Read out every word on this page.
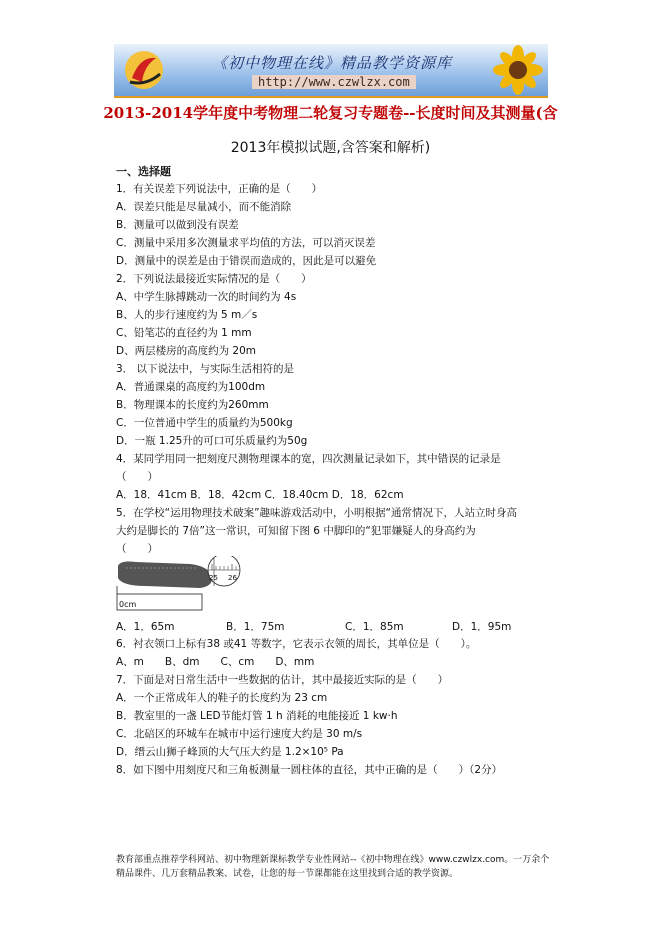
《初中物理在线》精品教学资源库
http://www.czwlzx.com
2013-2014学年度中考物理二轮复习专题卷--长度时间及其测量(含
2013年模拟试题,含答案和解析)
一、选择题
1．有关误差下列说法中，正确的是（　　）
A．误差只能是尽量减小，而不能消除
B．测量可以做到没有误差
C．测量中采用多次测量求平均值的方法，可以消灭误差
D．测量中的误差是由于错误而造成的，因此是可以避免
2．下列说法最接近实际情况的是（　　）
A、中学生脉搏跳动一次的时间约为 4s
B、人的步行速度约为 5 m／s
C、铅笔芯的直径约为 1 mm
D、两层楼房的高度约为 20m
3． 以下说法中，与实际生活相符的是
A．普通课桌的高度约为100dm
B．物理课本的长度约为260mm
C．一位普通中学生的质量约为500kg
D．一瓶 1.25升的可口可乐质量约为50g
4．某同学用同一把刻度尺测物理课本的宽，四次测量记录如下，其中错误的记录是
（　　）
A．18．41cm B．18．42cm C．18.40cm D．18．62cm
5．在学校“运用物理技术破案”趣味游戏活动中，小明根据“通常情况下，人站立时身高
大约是脚长的 7倍”这一常识，可知留下图 6 中脚印的“犯罪嫌疑人的身高约为
（　　）
0cm
25 26
A．1．65m	B．1．75m	C．1．85m	D．1．95m
6．衬衣领口上标有38 或41 等数字，它表示衣领的周长，其单位是（　　）。
A、m　　B、dm　　C、cm　　D、mm
7．下面是对日常生活中一些数据的估计，其中最接近实际的是（　　）
A．一个正常成年人的鞋子的长度约为 23 cm
B．教室里的一盏 LED节能灯管 1 h 消耗的电能接近 1 kw·h
C．北碚区的环城车在城市中运行速度大约是 30 m/s
D．缙云山狮子峰顶的大气压大约是 1.2×10⁵ Pa
8．如下图中用刻度尺和三角板测量一圆柱体的直径，其中正确的是（　　）（2分）
教育部重点推荐学科网站、初中物理新课标教学专业性网站--《初中物理在线》www.czwlzx.com。一万余个精品课件、几万套精品教案、试卷，让您的每一节课都能在这里找到合适的教学资源。
